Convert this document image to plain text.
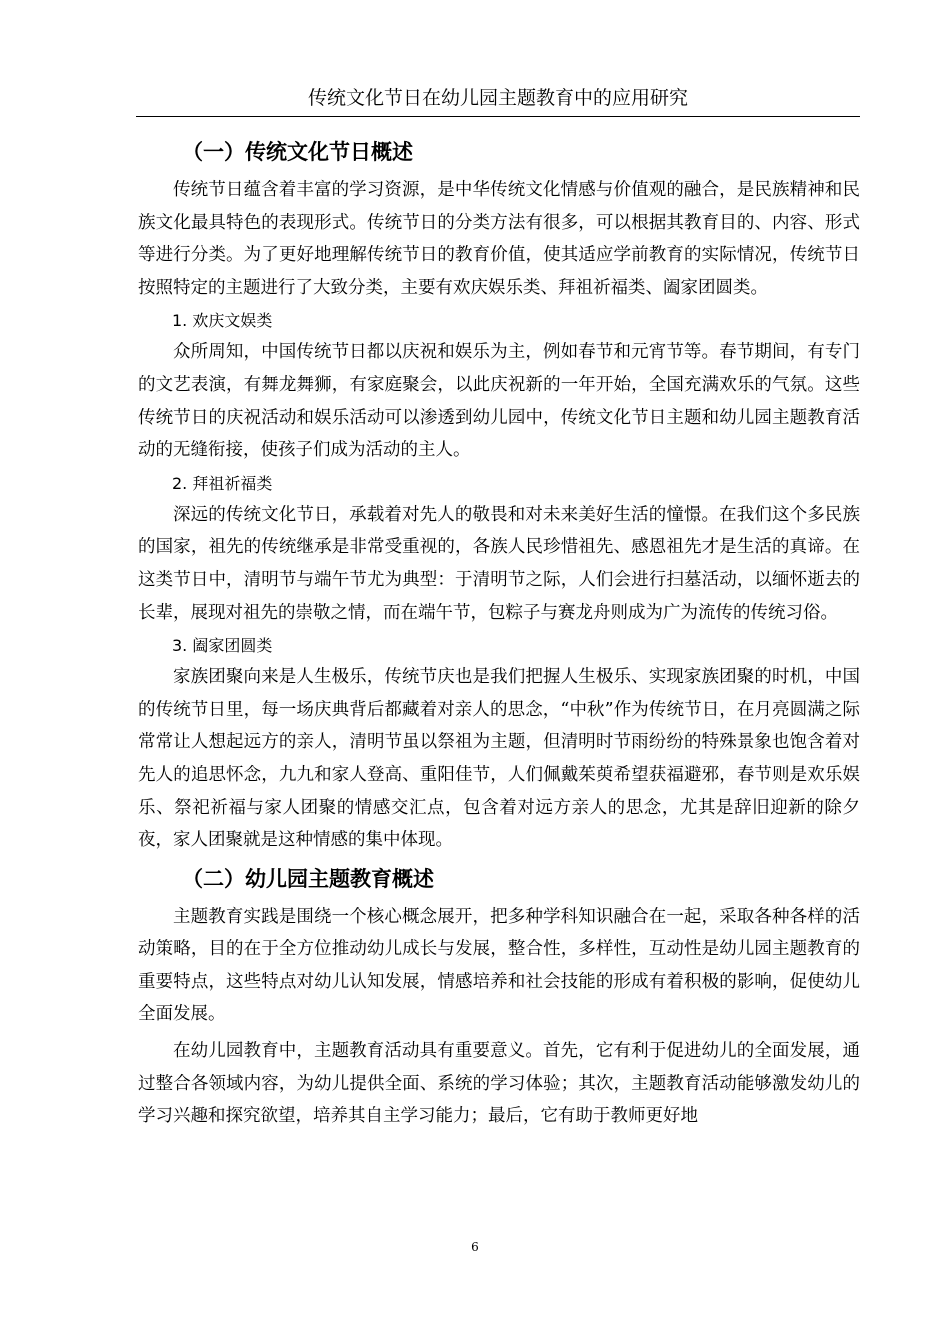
传统文化节日在幼儿园主题教育中的应用研究
（一）传统文化节日概述

传统节日蕴含着丰富的学习资源，是中华传统文化情感与价值观的融合，是民族精神和民族文化最具特色的表现形式。传统节日的分类方法有很多，可以根据其教育目的、内容、形式等进行分类。为了更好地理解传统节日的教育价值，使其适应学前教育的实际情况，传统节日按照特定的主题进行了大致分类，主要有欢庆娱乐类、拜祖祈福类、阖家团圆类。

1. 欢庆文娱类

众所周知，中国传统节日都以庆祝和娱乐为主，例如春节和元宵节等。春节期间，有专门的文艺表演，有舞龙舞狮，有家庭聚会，以此庆祝新的一年开始，全国充满欢乐的气氛。这些传统节日的庆祝活动和娱乐活动可以渗透到幼儿园中，传统文化节日主题和幼儿园主题教育活动的无缝衔接，使孩子们成为活动的主人。

2. 拜祖祈福类

深远的传统文化节日，承载着对先人的敬畏和对未来美好生活的憧憬。在我们这个多民族的国家，祖先的传统继承是非常受重视的，各族人民珍惜祖先、感恩祖先才是生活的真谛。在这类节日中，清明节与端午节尤为典型：于清明节之际，人们会进行扫墓活动，以缅怀逝去的长辈，展现对祖先的崇敬之情，而在端午节，包粽子与赛龙舟则成为广为流传的传统习俗。

3. 阖家团圆类

家族团聚向来是人生极乐，传统节庆也是我们把握人生极乐、实现家族团聚的时机，中国的传统节日里，每一场庆典背后都藏着对亲人的思念，“中秋”作为传统节日，在月亮圆满之际常常让人想起远方的亲人，清明节虽以祭祖为主题，但清明时节雨纷纷的特殊景象也饱含着对先人的追思怀念，九九和家人登高、重阳佳节，人们佩戴茱萸希望获福避邪，春节则是欢乐娱乐、祭祀祈福与家人团聚的情感交汇点，包含着对远方亲人的思念，尤其是辞旧迎新的除夕夜，家人团聚就是这种情感的集中体现。

（二）幼儿园主题教育概述

主题教育实践是围绕一个核心概念展开，把多种学科知识融合在一起，采取各种各样的活动策略，目的在于全方位推动幼儿成长与发展，整合性，多样性，互动性是幼儿园主题教育的重要特点，这些特点对幼儿认知发展，情感培养和社会技能的形成有着积极的影响，促使幼儿全面发展。

在幼儿园教育中，主题教育活动具有重要意义。首先，它有利于促进幼儿的全面发展，通过整合各领域内容，为幼儿提供全面、系统的学习体验；其次，主题教育活动能够激发幼儿的学习兴趣和探究欲望，培养其自主学习能力；最后，它有助于教师更好地

6
